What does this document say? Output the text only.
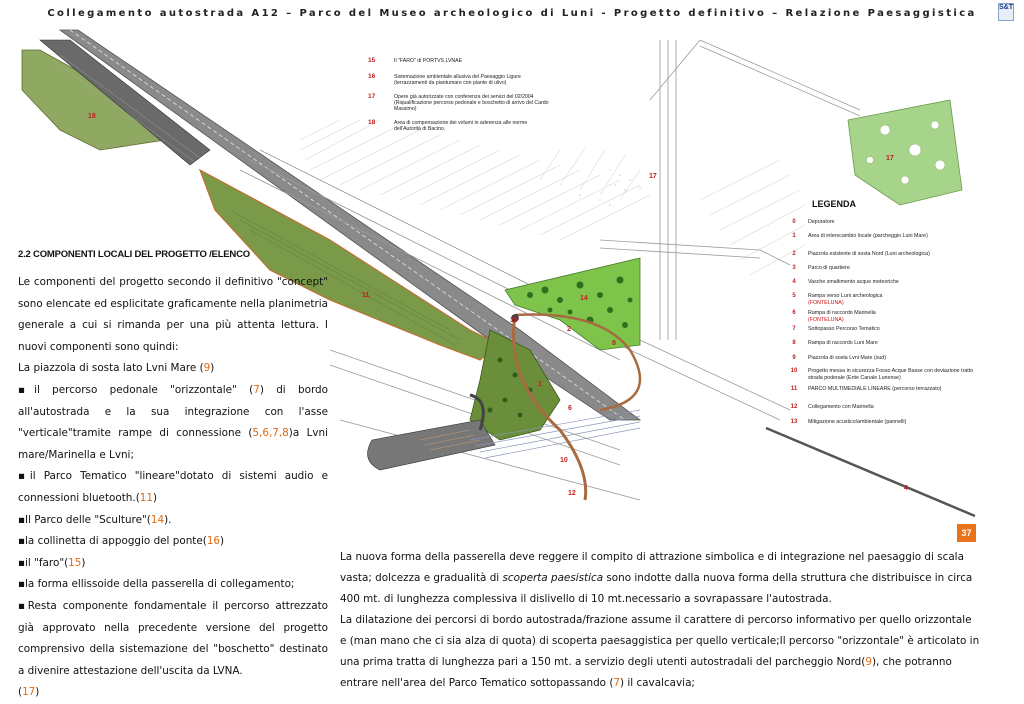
Collegamento autostrada A12 – Parco del Museo archeologico di Luni - Progetto definitivo – Relazione Paesaggistica
S&T
18
17
17
14
11
12
10
15
4
8
2
6
1
15	Il "FARO" di PORTVS LVNAE
16	Sistemazione ambientale allusiva del Paesaggio Ligure (terrazzamenti da piantumare con piante di ulivo)
17	Opere già autorizzate con conferenza dei servizi del 02/2004 (Riqualificazione percorso pedonale e boschetto di arrivo del Cardo Massimo)
18	Area di compensazione dei volumi in aderenza alle norme dell'Autorità di Bacino.
LEGENDA
0	Depuratore
1	Area di interscambio locale (parcheggio Luni Mare)
2	Piazzola esistente di sosta Nord (Luni archeologica)
3	Parco di quartiere
4	Vasche smaltimento acque meteoriche
5	Rampa verso Luni archeologica
(FONTELUNA)
6	Rampa di raccordo Marinella
(FONTELUNA)
7	Sottopasso Percorso Tematico
8	Rampa di raccordo Luni Mare
9	Piazzola di sosta Lvni Mare (sud)
10	Progetto messa in sicurezza Fosso Acque Basse con deviazione tratto strada poderale (Ente Canale Lunense)
11	PARCO MULTIMEDIALE LINEARE (percorso terrazzato)
12	Collegamento con Marinella
13	Mitigazione acustico/ambientale (pannelli)
37
2.2 COMPONENTI LOCALI DEL PROGETTO /ELENCO

Le componenti del progetto secondo il definitivo "concept" sono elencate ed esplicitate graficamente nella planimetria generale a cui si rimanda per una più attenta lettura. I nuovi componenti sono quindi:

La piazzola di sosta lato Lvni Mare (9)

▪il percorso pedonale "orizzontale" (7) di bordo all'autostrada e la sua integrazione con l'asse "verticale"tramite rampe di connessione (5,6,7,8)a Lvni mare/Marinella e Lvni;

▪il Parco Tematico "lineare"dotato di sistemi audio e connessioni bluetooth.(11)

▪Il Parco delle "Sculture"(14).

▪la collinetta di appoggio del ponte(16)

▪il "faro"(15)

▪la forma ellissoide della passerella di collegamento;

▪Resta componente fondamentale il percorso attrezzato già approvato nella precedente versione del progetto comprensivo della sistemazione del "boschetto" destinato a divenire attestazione dell'uscita da LVNA.

(17)

La nuova forma della passerella deve reggere il compito di attrazione simbolica e di integrazione nel paesaggio di scala vasta; dolcezza e gradualità di scoperta paesistica sono indotte dalla nuova forma della struttura che distribuisce in circa 400 mt. di lunghezza complessiva il dislivello di 10 mt.necessario a sovrapassare l'autostrada.

La dilatazione dei percorsi di bordo autostrada/frazione assume il carattere di percorso informativo per quello orizzontale e (man mano che ci sia alza di quota) di scoperta paesaggistica per quello verticale;Il percorso "orizzontale" è articolato in una prima tratta di lunghezza pari a 150 mt. a servizio degli utenti autostradali del parcheggio Nord(9), che potranno entrare nell'area del Parco Tematico sottopassando (7) il cavalcavia;
